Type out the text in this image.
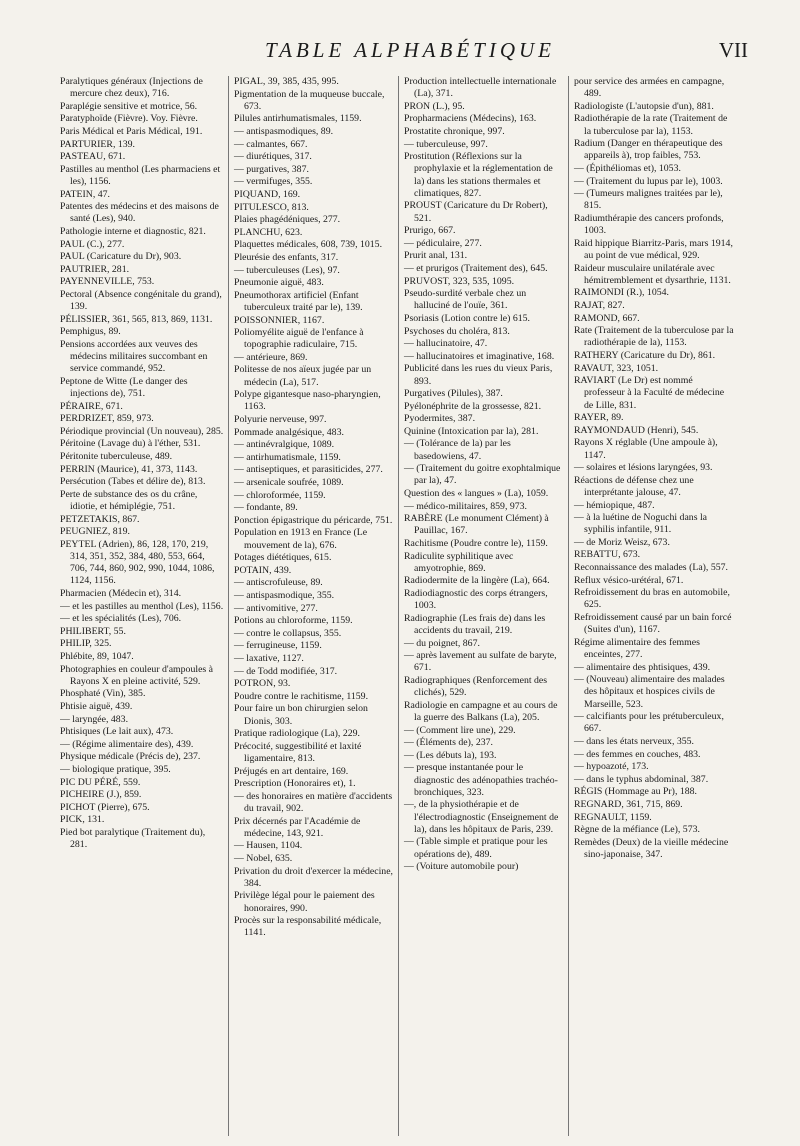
TABLE ALPHABÉTIQUE	VII
Paralytiques généraux (Injections de mercure chez deux), 716.
Paraplégie sensitive et motrice, 56.
Paratyphoïde (Fièvre). Voy. Fièvre.
Paris Médical et Paris Médical, 191.
PARTURIER, 139.
PASTEAU, 671.
Pastilles au menthol (Les pharmaciens et les), 1156.
PATEIN, 47.
Patentes des médecins et des maisons de santé (Les), 940.
Pathologie interne et diagnostic, 821.
PAUL (C.), 277.
PAUL (Caricature du Dr), 903.
PAUTRIER, 281.
PAYENNEVILLE, 753.
Pectoral (Absence congénitale du grand), 139.
PÉLISSIER, 361, 565, 813, 869, 1131.
Pemphigus, 89.
Pensions accordées aux veuves des médecins militaires succombant en service commandé, 952.
Peptone de Witte (Le danger des injections de), 751.
PÉRAIRE, 671.
PERDRIZET, 859, 973.
Périodique provincial (Un nouveau), 285.
Péritoine (Lavage du) à l'éther, 531.
Péritonite tuberculeuse, 489.
PERRIN (Maurice), 41, 373, 1143.
Persécution (Tabes et délire de), 813.
Perte de substance des os du crâne, idiotie, et hémiplégie, 751.
PETZETAKIS, 867.
PEUGNIEZ, 819.
PEYTEL (Adrien), 86, 128, 170, 219, 314, 351, 352, 384, 480, 553, 664, 706, 744, 860, 902, 990, 1044, 1086, 1124, 1156.
Pharmacien (Médecin et), 314.
— et les pastilles au menthol (Les), 1156.
— et les spécialités (Les), 706.
PHILIBERT, 55.
PHILIP, 325.
Phlébite, 89, 1047.
Photographies en couleur d'ampoules à Rayons X en pleine activité, 529.
Phosphaté (Vin), 385.
Phtisie aiguë, 439.
— laryngée, 483.
Phtisiques (Le lait aux), 473.
— (Régime alimentaire des), 439.
Physique médicale (Précis de), 237.
— biologique pratique, 395.
PIC DU PÉRÉ, 559.
PICHEIRE (J.), 859.
PICHOT (Pierre), 675.
PICK, 131.
Pied bot paralytique (Traitement du), 281.
PIGAL, 39, 385, 435, 995.
Pigmentation de la muqueuse buccale, 673.
Pilules antirhumatismales, 1159.
— antispasmodiques, 89.
— calmantes, 667.
— diurétiques, 317.
— purgatives, 387.
— vermifuges, 355.
PIQUAND, 169.
PITULESCO, 813.
Plaies phagédéniques, 277.
PLANCHU, 623.
Plaquettes médicales, 608, 739, 1015.
Pleurésie des enfants, 317.
— tuberculeuses (Les), 97.
Pneumonie aiguë, 483.
Pneumothorax artificiel (Enfant tuberculeux traité par le), 139.
POISSONNIER, 1167.
Poliomyélite aiguë de l'enfance à topographie radiculaire, 715.
— antérieure, 869.
Politesse de nos aïeux jugée par un médecin (La), 517.
Polype gigantesque naso-pharyngien, 1163.
Polyurie nerveuse, 997.
Pommade analgésique, 483.
— antinévralgique, 1089.
— antirhumatismale, 1159.
— antiseptiques, et parasiticides, 277.
— arsenicale soufrée, 1089.
— chloroformée, 1159.
— fondante, 89.
Ponction épigastrique du péricarde, 751.
Population en 1913 en France (Le mouvement de la), 676.
Potages diététiques, 615.
POTAIN, 439.
— antiscrofuleuse, 89.
— antispasmodique, 355.
— antivomitive, 277.
Potions au chloroforme, 1159.
— contre le collapsus, 355.
— ferrugineuse, 1159.
— laxative, 1127.
— de Todd modifiée, 317.
POTRON, 93.
Poudre contre le rachitisme, 1159.
Pour faire un bon chirurgien selon Dionis, 303.
Pratique radiologique (La), 229.
Précocité, suggestibilité et laxité ligamentaire, 813.
Préjugés en art dentaire, 169.
Prescription (Honoraires et), 1.
— des honoraires en matière d'accidents du travail, 902.
Prix décernés par l'Académie de médecine, 143, 921.
— Hausen, 1104.
— Nobel, 635.
Privation du droit d'exercer la médecine, 384.
Privilège légal pour le paiement des honoraires, 990.
Procès sur la responsabilité médicale, 1141.
Production intellectuelle internationale (La), 371.
PRON (L.), 95.
Propharmaciens (Médecins), 163.
Prostatite chronique, 997.
— tuberculeuse, 997.
Prostitution (Réflexions sur la prophylaxie et la réglementation de la) dans les stations thermales et climatiques, 827.
PROUST (Caricature du Dr Robert), 521.
Prurigo, 667.
— pédiculaire, 277.
Prurit anal, 131.
— et prurigos (Traitement des), 645.
PRUVOST, 323, 535, 1095.
Pseudo-surdité verbale chez un halluciné de l'ouïe, 361.
Psoriasis (Lotion contre le) 615.
Psychoses du choléra, 813.
— hallucinatoire, 47.
— hallucinatoires et imaginative, 168.
Publicité dans les rues du vieux Paris, 893.
Purgatives (Pilules), 387.
Pyélonéphrite de la grossesse, 821.
Pyodermites, 387.
Quinine (Intoxication par la), 281.
— (Tolérance de la) par les basedowiens, 47.
— (Traitement du goitre exophtalmique par la), 47.
Question des « langues » (La), 1059.
— médico-militaires, 859, 973.
RABÈRE (Le monument Clément) à Pauillac, 167.
Rachitisme (Poudre contre le), 1159.
Radiculite syphilitique avec amyotrophie, 869.
Radiodermite de la lingère (La), 664.
Radiodiagnostic des corps étrangers, 1003.
Radiographie (Les frais de) dans les accidents du travail, 219.
— du poignet, 867.
— après lavement au sulfate de baryte, 671.
Radiographiques (Renforcement des clichés), 529.
Radiologie en campagne et au cours de la guerre des Balkans (La), 205.
— (Comment lire une), 229.
— (Éléments de), 237.
— (Les débuts la), 193.
— presque instantanée pour le diagnostic des adénopathies trachéo-bronchiques, 323.
—, de la physiothérapie et de l'électrodiagnostic (Enseignement de la), dans les hôpitaux de Paris, 239.
— (Table simple et pratique pour les opérations de), 489.
— (Voiture automobile pour)
pour service des armées en campagne, 489.
Radiologiste (L'autopsie d'un), 881.
Radiothérapie de la rate (Traitement de la tuberculose par la), 1153.
Radium (Danger en thérapeutique des appareils à), trop faibles, 753.
— (Épithéliomas et), 1053.
— (Traitement du lupus par le), 1003.
— (Tumeurs malignes traitées par le), 815.
Radiumthérapie des cancers profonds, 1003.
Raid hippique Biarritz-Paris, mars 1914, au point de vue médical, 929.
Raideur musculaire unilatérale avec hémitremblement et dysarthrie, 1131.
RAIMONDI (R.), 1054.
RAJAT, 827.
RAMOND, 667.
Rate (Traitement de la tuberculose par la radiothérapie de la), 1153.
RATHERY (Caricature du Dr), 861.
RAVAUT, 323, 1051.
RAVIART (Le Dr) est nommé professeur à la Faculté de médecine de Lille, 831.
RAYER, 89.
RAYMONDAUD (Henri), 545.
Rayons X réglable (Une ampoule à), 1147.
— solaires et lésions laryngées, 93.
Réactions de défense chez une interprétante jalouse, 47.
— hémiopique, 487.
— à la luétine de Noguchi dans la syphilis infantile, 911.
— de Moriz Weisz, 673.
REBATTU, 673.
Reconnaissance des malades (La), 557.
Reflux vésico-urétéral, 671.
Refroidissement du bras en automobile, 625.
Refroidissement causé par un bain forcé (Suites d'un), 1167.
Régime alimentaire des femmes enceintes, 277.
— alimentaire des phtisiques, 439.
— (Nouveau) alimentaire des malades des hôpitaux et hospices civils de Marseille, 523.
— calcifiants pour les prétuberculeux, 667.
— dans les états nerveux, 355.
— des femmes en couches, 483.
— hypoazoté, 173.
— dans le typhus abdominal, 387.
RÉGIS (Hommage au Pr), 188.
REGNARD, 361, 715, 869.
REGNAULT, 1159.
Règne de la méfiance (Le), 573.
Remèdes (Deux) de la vieille médecine sino-japonaise, 347.
